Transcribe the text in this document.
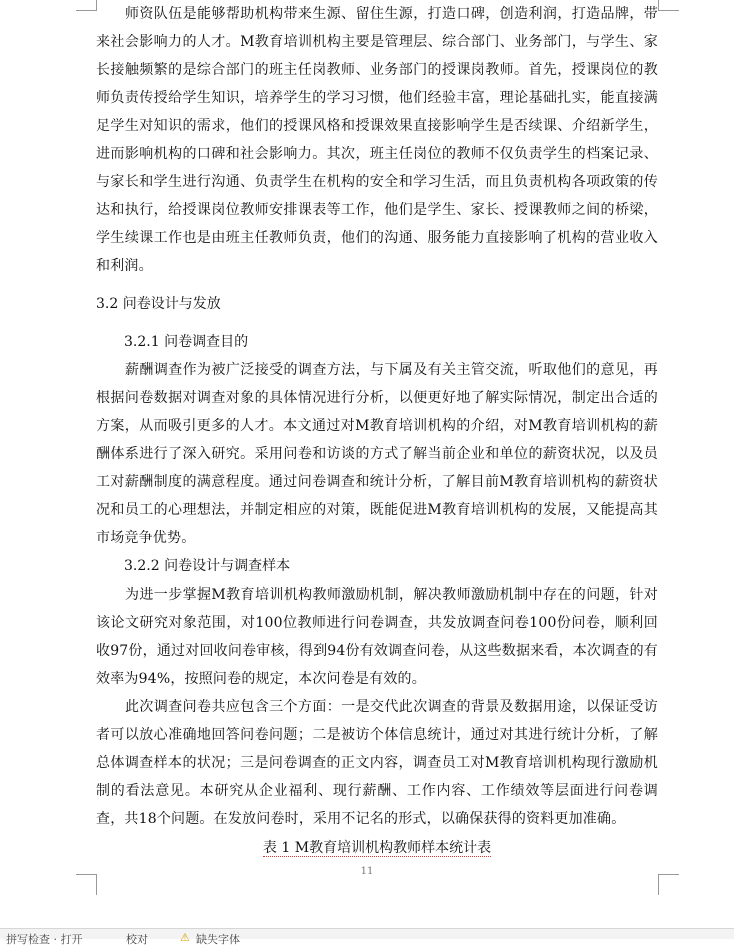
师资队伍是能够帮助机构带来生源、留住生源，打造口碑，创造利润，打造品牌，带来社会影响力的人才。M教育培训机构主要是管理层、综合部门、业务部门，与学生、家长接触频繁的是综合部门的班主任岗教师、业务部门的授课岗教师。首先，授课岗位的教师负责传授给学生知识，培养学生的学习习惯，他们经验丰富，理论基础扎实，能直接满足学生对知识的需求，他们的授课风格和授课效果直接影响学生是否续课、介绍新学生，进而影响机构的口碑和社会影响力。其次，班主任岗位的教师不仅负责学生的档案记录、与家长和学生进行沟通、负责学生在机构的安全和学习生活，而且负责机构各项政策的传达和执行，给授课岗位教师安排课表等工作，他们是学生、家长、授课教师之间的桥梁，学生续课工作也是由班主任教师负责，他们的沟通、服务能力直接影响了机构的营业收入和利润。

3.2 问卷设计与发放

3.2.1 问卷调查目的

薪酬调查作为被广泛接受的调查方法，与下属及有关主管交流，听取他们的意见，再根据问卷数据对调查对象的具体情况进行分析，以便更好地了解实际情况，制定出合适的方案，从而吸引更多的人才。本文通过对M教育培训机构的介绍，对M教育培训机构的薪酬体系进行了深入研究。采用问卷和访谈的方式了解当前企业和单位的薪资状况，以及员工对薪酬制度的满意程度。通过问卷调查和统计分析，了解目前M教育培训机构的薪资状况和员工的心理想法，并制定相应的对策，既能促进M教育培训机构的发展，又能提高其市场竞争优势。

3.2.2 问卷设计与调查样本

为进一步掌握M教育培训机构教师激励机制，解决教师激励机制中存在的问题，针对该论文研究对象范围，对100位教师进行问卷调查，共发放调查问卷100份问卷，顺利回收97份，通过对回收问卷审核，得到94份有效调查问卷，从这些数据来看，本次调查的有效率为94%，按照问卷的规定，本次问卷是有效的。

此次调查问卷共应包含三个方面：一是交代此次调查的背景及数据用途，以保证受访者可以放心准确地回答问卷问题；二是被访个体信息统计，通过对其进行统计分析，了解总体调查样本的状况；三是问卷调查的正文内容，调查员工对M教育培训机构现行激励机制的看法意见。本研究从企业福利、现行薪酬、工作内容、工作绩效等层面进行问卷调查，共18个问题。在发放问卷时，采用不记名的形式，以确保获得的资料更加准确。

表 1 M教育培训机构教师样本统计表

11
拼写检查 · 打开	校对	⚠ 缺失字体
